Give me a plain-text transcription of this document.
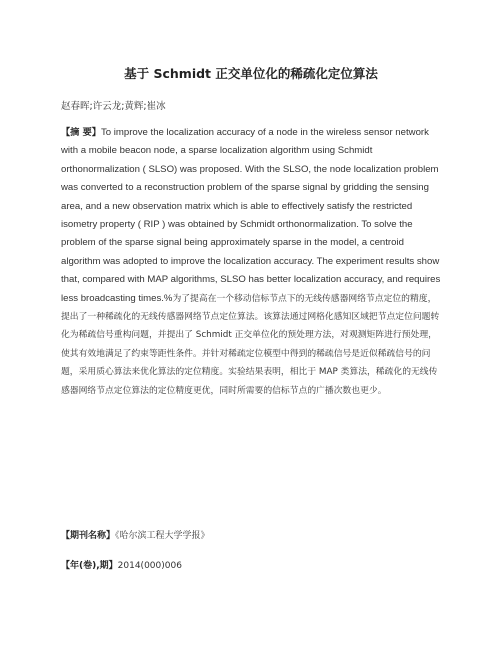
基于 Schmidt 正交单位化的稀疏化定位算法
赵春晖;许云龙;黄辉;崔冰
【摘 要】To improve the localization accuracy of a node in the wireless sensor network with a mobile beacon node, a sparse localization algorithm using Schmidt orthonormalization ( SLSO) was proposed. With the SLSO, the node localization problem was converted to a reconstruction problem of the sparse signal by gridding the sensing area, and a new observation matrix which is able to effectively satisfy the restricted isometry property ( RIP ) was obtained by Schmidt orthonormalization. To solve the problem of the sparse signal being approximately sparse in the model, a centroid algorithm was adopted to improve the localization accuracy. The experiment results show that, compared with MAP algorithms, SLSO has better localization accuracy, and requires less broadcasting times.%为了提高在一个移动信标节点下的无线传感器网络节点定位的精度，提出了一种稀疏化的无线传感器网络节点定位算法。该算法通过网格化感知区域把节点定位问题转化为稀疏信号重构问题，并提出了 Schmidt 正交单位化的预处理方法，对观测矩阵进行预处理，使其有效地满足了约束等距性条件。并针对稀疏定位模型中得到的稀疏信号是近似稀疏信号的问题，采用质心算法来优化算法的定位精度。实验结果表明，相比于 MAP 类算法，稀疏化的无线传感器网络节点定位算法的定位精度更优，同时所需要的信标节点的广播次数也更少。
【期刊名称】《哈尔滨工程大学学报》
【年(卷),期】2014(000)006
